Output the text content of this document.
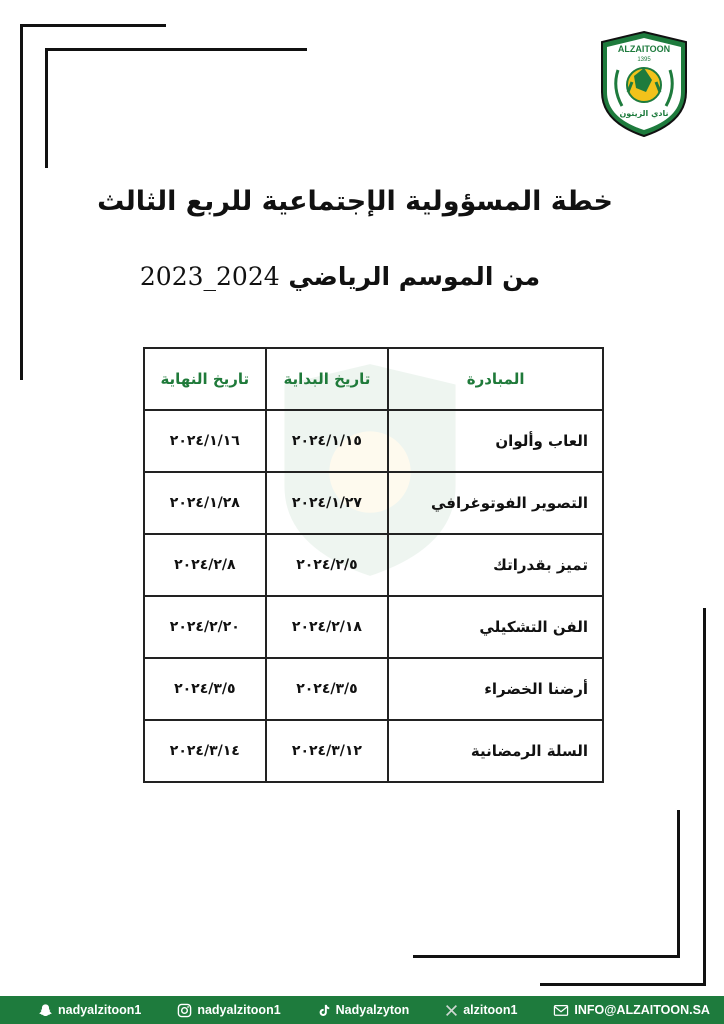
ALZAITOON
1395
نادي الزيتون
خطة المسؤولية الإجتماعية للربع الثالث
من الموسم الرياضي 2023_2024
المبادرة	تاريخ البداية	تاريخ النهاية
العاب وألوان	٢٠٢٤/١/١٥	٢٠٢٤/١/١٦
التصوير الفوتوغرافي	٢٠٢٤/١/٢٧	٢٠٢٤/١/٢٨
تميز بقدراتك	٢٠٢٤/٢/٥	٢٠٢٤/٢/٨
الفن التشكيلي	٢٠٢٤/٢/١٨	٢٠٢٤/٢/٢٠
أرضنا الخضراء	٢٠٢٤/٣/٥	٢٠٢٤/٣/٥
السلة الرمضانية	٢٠٢٤/٣/١٢	٢٠٢٤/٣/١٤
nadyalzitoon1	nadyalzitoon1	Nadyalzyton	alzitoon1	INFO@ALZAITOON.SA
